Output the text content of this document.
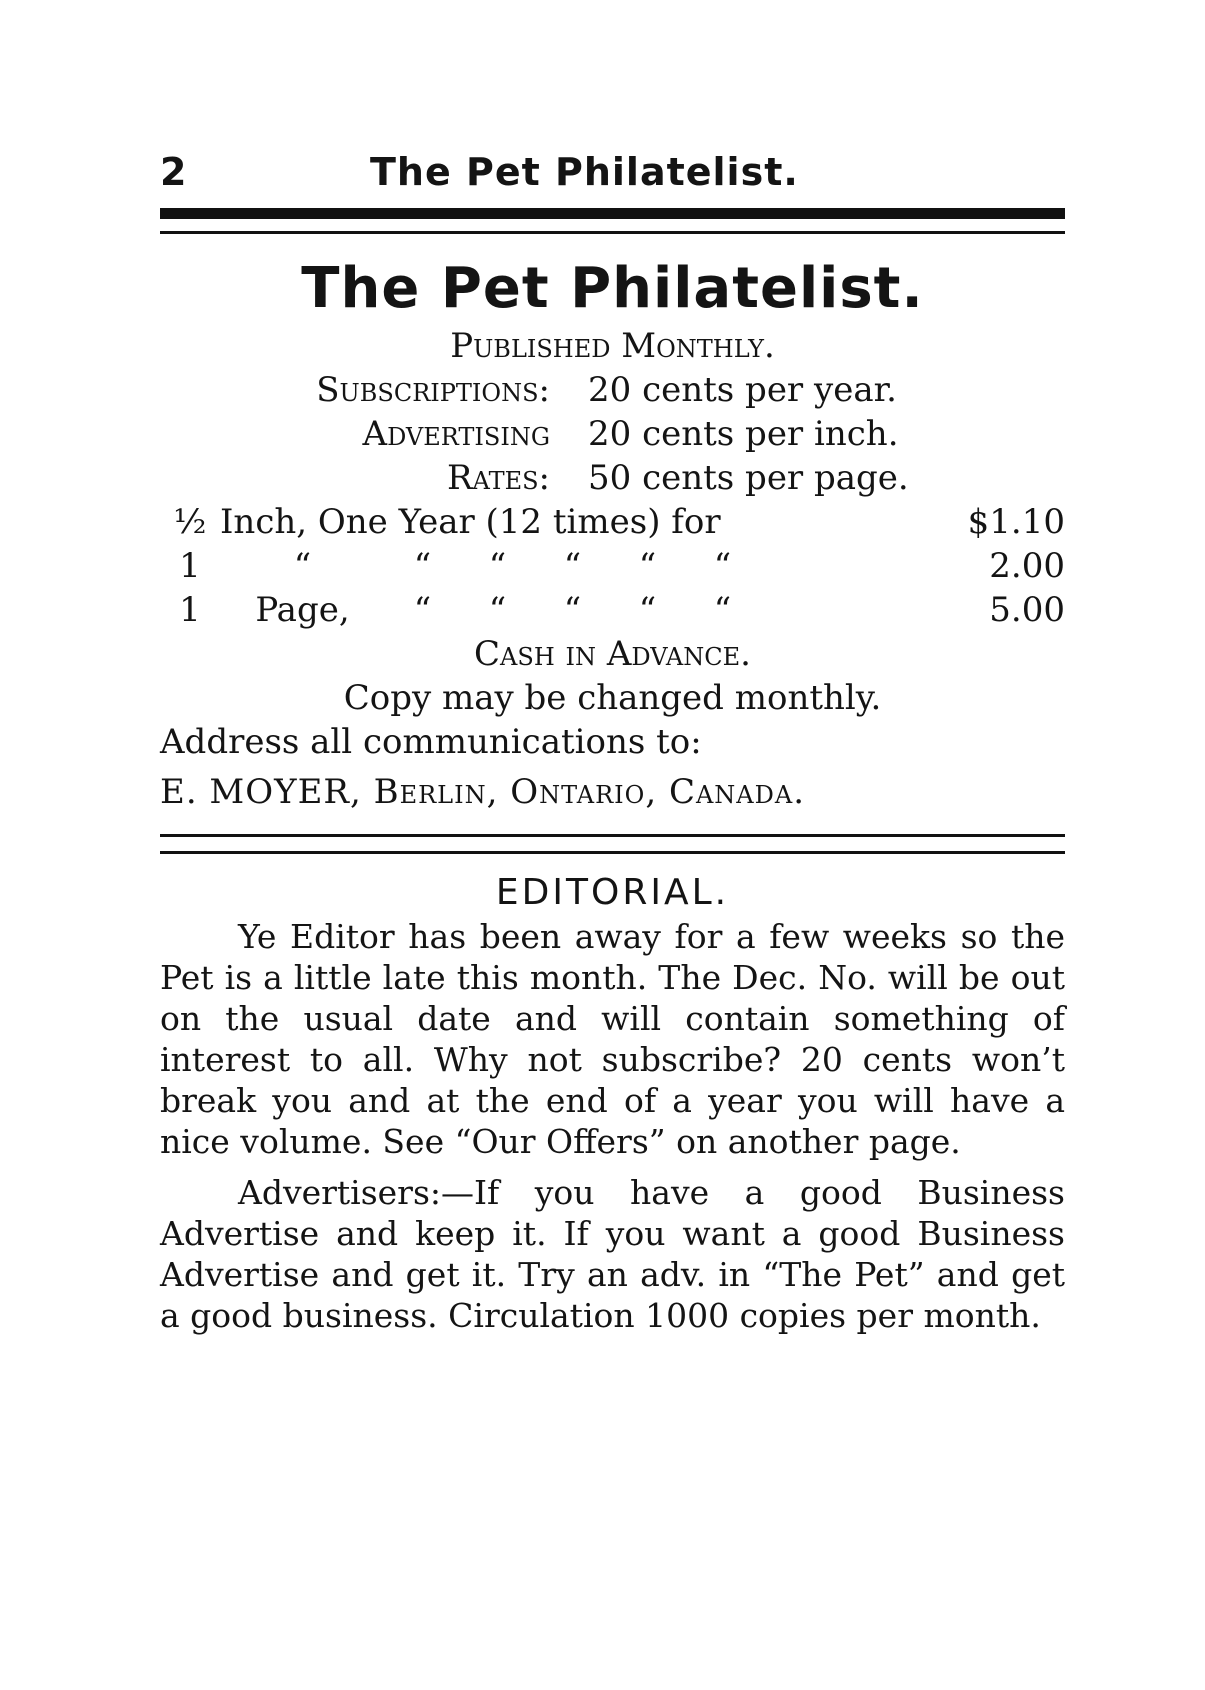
2	The Pet Philatelist.
The Pet Philatelist.
Published Monthly.
Subscriptions:	20 cents per year.
Advertising	20 cents per inch.
Rates:	50 cents per page.
½ Inch, One Year (12 times) for	$1.10
1	“	“	“	“	“	“	2.00
1	Page,	“	“	“	“	“	5.00
Cash in Advance.
Copy may be changed monthly.
Address all communications to:
E. MOYER, Berlin, Ontario, Canada.
EDITORIAL.

Ye Editor has been away for a few weeks so the Pet is a little late this month. The Dec. No. will be out on the usual date and will contain something of interest to all. Why not subscribe? 20 cents won’t break you and at the end of a year you will have a nice volume. See “Our Offers” on another page.

Advertisers:—If you have a good Business Advertise and keep it. If you want a good Business Advertise and get it. Try an adv. in “The Pet” and get a good business. Circulation 1000 copies per month.
